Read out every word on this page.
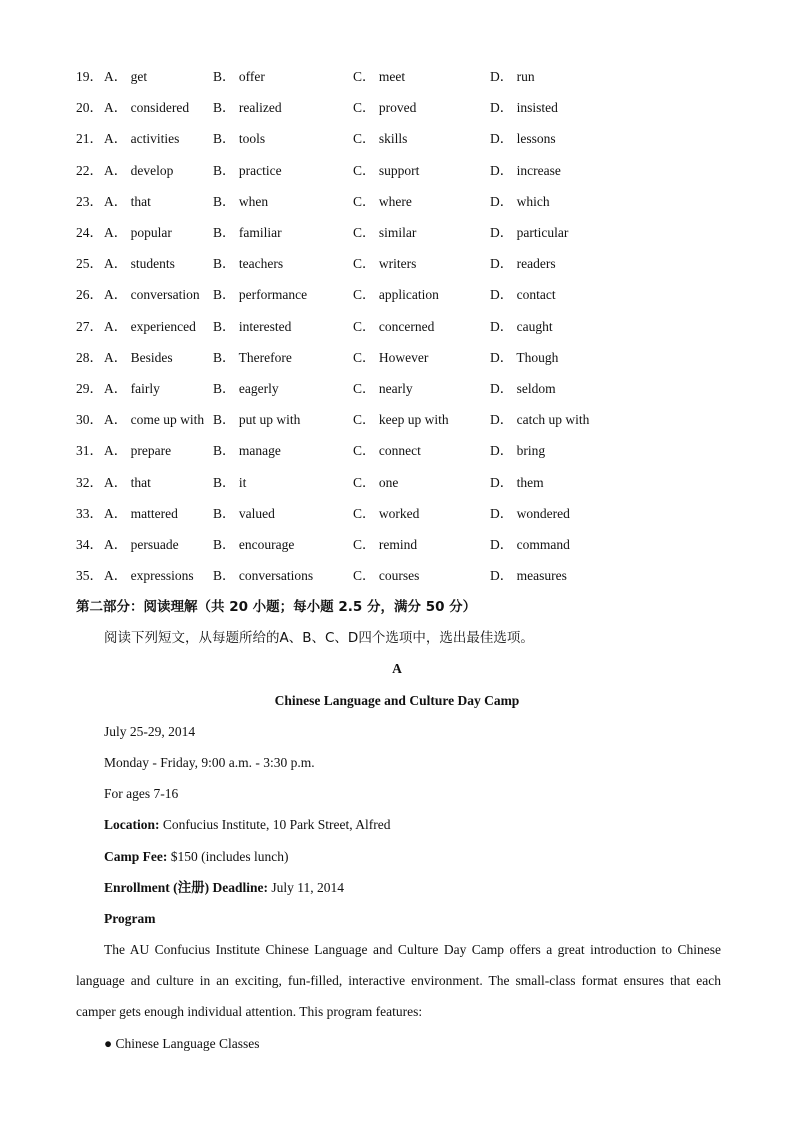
19． A． get	B． offer	C． meet	D． run
20． A． considered B． realized	C． proved	D． insisted
21． A． activities B． tools	C． skills	D． lessons
22． A． develop	B． practice	C． support	D． increase
23． A． that	B． when	C． where	D． which
24． A． popular	B． familiar	C． similar	D． particular
25． A． students	B． teachers	C． writers	D． readers
26． A． conversation B． performance	C． application	D． contact
27． A． experienced B． interested	C． concerned	D． caught
28． A． Besides	B． Therefore	C． However	D． Though
29． A． fairly	B． eagerly	C． nearly	D． seldom
30． A． come up with B． put up with	C． keep up with	D． catch up with
31． A． prepare	B． manage	C． connect	D． bring
32． A． that	B． it	C． one	D． them
33． A． mattered	B． valued	C． worked	D． wondered
34． A． persuade	B． encourage	C． remind	D． command
35． A． expressions B． conversations	C． courses	D． measures
第二部分：阅读理解（共 20 小题；每小题 2.5 分，满分 50 分）
阅读下列短文，从每题所给的A、B、C、D四个选项中，选出最佳选项。
A
Chinese Language and Culture Day Camp
July 25-29, 2014
Monday - Friday, 9:00 a.m. - 3:30 p.m.
For ages 7-16
Location: Confucius Institute, 10 Park Street, Alfred
Camp Fee: $150 (includes lunch)
Enrollment (注册) Deadline: July 11, 2014
Program
The AU Confucius Institute Chinese Language and Culture Day Camp offers a great introduction to Chinese language and culture in an exciting, fun-filled, interactive environment. The small-class format ensures that each camper gets enough individual attention. This program features:
● Chinese Language Classes
